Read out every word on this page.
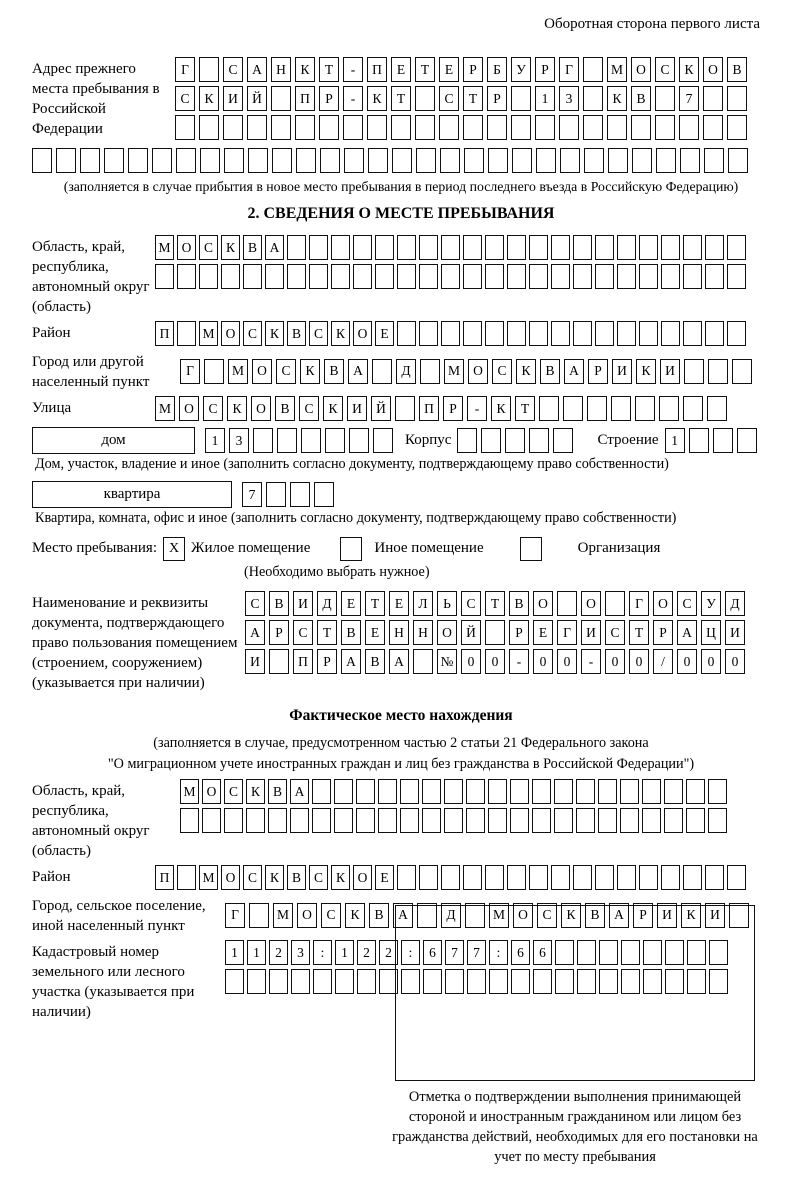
Оборотная сторона первого листа
Адрес прежнего места пребывания в Российской Федерации
Г	С	А	Н	К	Т	-	П	Е	Т	Е	Р	Б	У	Р	Г	М О	С	К	О	В
С	К	И	Й	П	Р	-	К	Т	С	Т	Р	1	3	К	В	7
(заполняется в случае прибытия в новое место пребывания в период последнего въезда в Российскую Федерацию)
2. СВЕДЕНИЯ О МЕСТЕ ПРЕБЫВАНИЯ
Область, край, республика, автономный округ (область)
М О С К В А
Район	П	М О С К В С К О Е
Город или другой населенный пункт
Г	М О	С	К	В	А	Д	М О	С	К	В	А	Р	И	К	И
Улица	М О	С	К	О	В	С	К	И	Й	П	Р	-	К	Т
дом	1	3	Корпус	Строение 1
Дом, участок, владение и иное (заполнить согласно документу, подтверждающему право собственности)
квартира	7
Квартира, комната, офис и иное (заполнить согласно документу, подтверждающему право собственности)
Место пребывания: X Жилое помещение	Иное помещение	Организация
(Необходимо выбрать нужное)
Наименование и реквизиты документа, подтверждающего право пользования помещением (строением, сооружением) (указывается при наличии)
С	В	И	Д	Е	Т	Е	Л	Ь	С	Т	В	О	О	Г	О	С	У	Д
А	Р	С	Т	В	Е	Н	Н	О	Й	Р	Е	Г	И	С	Т	Р	А	Ц	И
И	П	Р	А	В	А	№	0	0	-	0	0	-	0	0	/	0	0	0
Фактическое место нахождения
(заполняется в случае, предусмотренном частью 2 статьи 21 Федерального закона
"О миграционном учете иностранных граждан и лиц без гражданства в Российской Федерации")
Область, край, республика, автономный округ (область)
М О С К В А
Район	П	М О С К В С К О Е
Город, сельское поселение, иной населенный пункт
Г	М О	С	К	В	А	Д	М О	С	К	В	А	Р	И	К	И
Кадастровый номер земельного или лесного участка (указывается при наличии)
1	1	2	3	:	1	2	2	:	6	7	7	:	6	6
Отметка о подтверждении выполнения принимающей стороной и иностранным гражданином или лицом без гражданства действий, необходимых для его постановки на учет по месту пребывания
